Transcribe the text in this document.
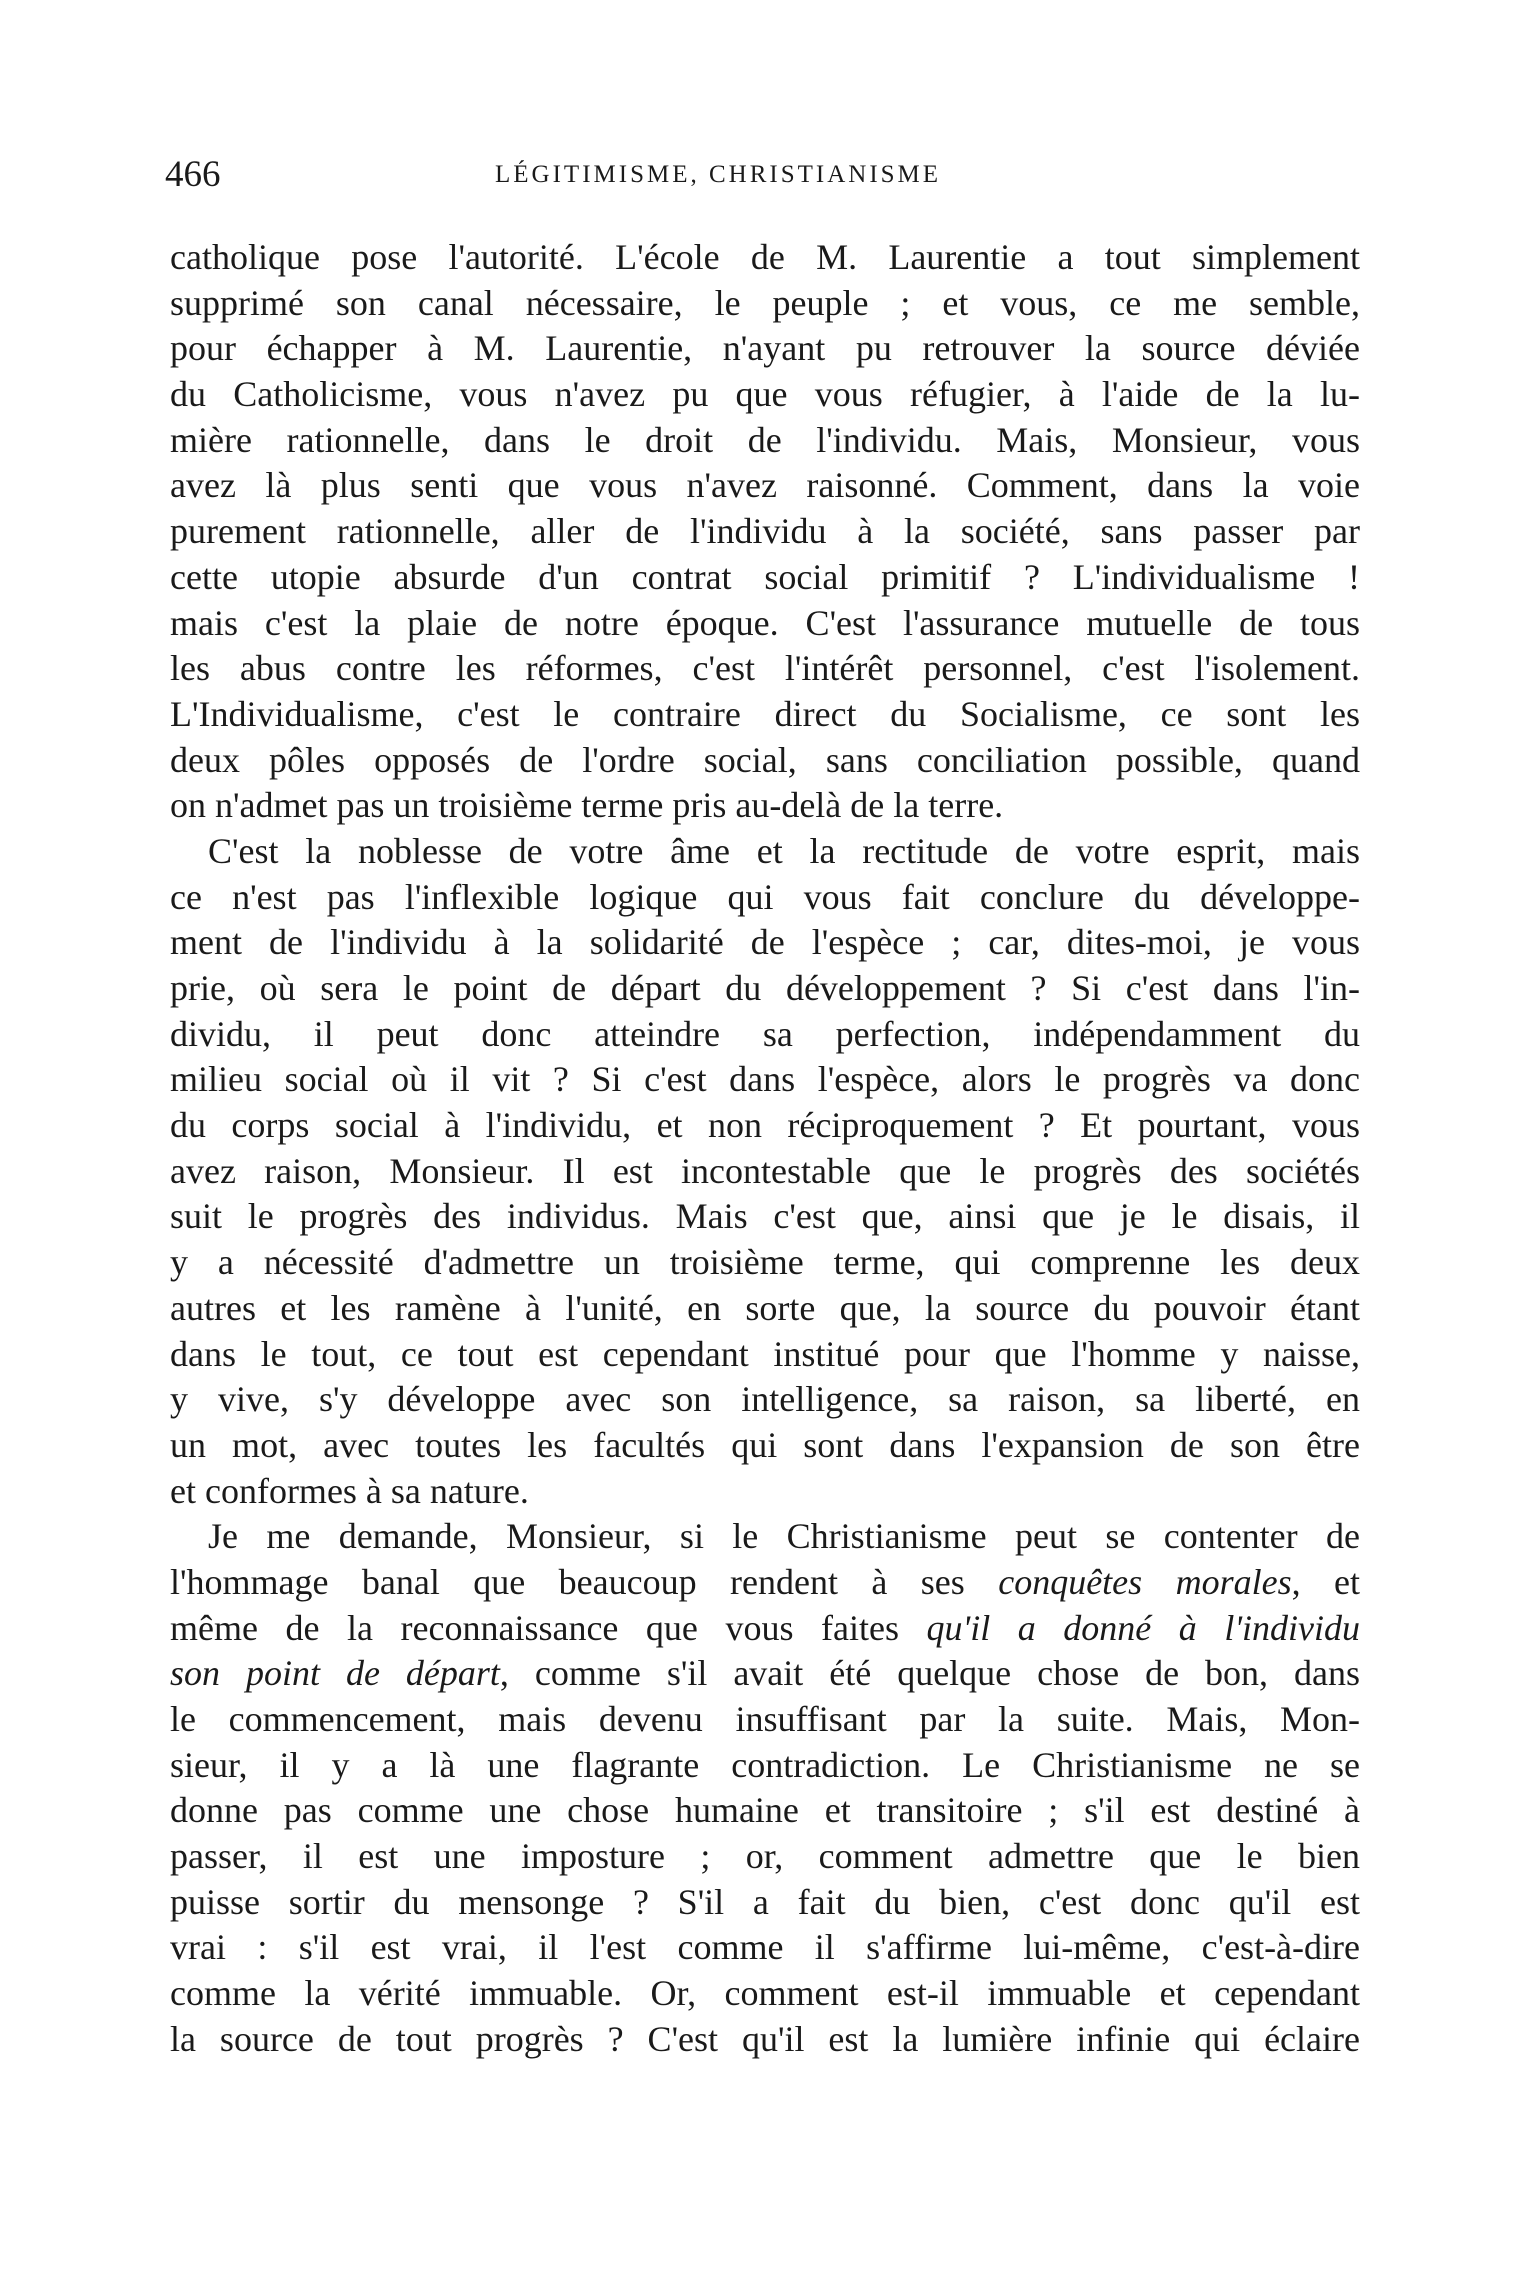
466	LÉGITIMISME, CHRISTIANISME
catholique pose l'autorité. L'école de M. Laurentie a tout simplement
supprimé son canal nécessaire, le peuple ; et vous, ce me semble,
pour échapper à M. Laurentie, n'ayant pu retrouver la source déviée
du Catholicisme, vous n'avez pu que vous réfugier, à l'aide de la lu-
mière rationnelle, dans le droit de l'individu. Mais, Monsieur, vous
avez là plus senti que vous n'avez raisonné. Comment, dans la voie
purement rationnelle, aller de l'individu à la société, sans passer par
cette utopie absurde d'un contrat social primitif ? L'individualisme !
mais c'est la plaie de notre époque. C'est l'assurance mutuelle de tous
les abus contre les réformes, c'est l'intérêt personnel, c'est l'isolement.
L'Individualisme, c'est le contraire direct du Socialisme, ce sont les
deux pôles opposés de l'ordre social, sans conciliation possible, quand
on n'admet pas un troisième terme pris au-delà de la terre.
C'est la noblesse de votre âme et la rectitude de votre esprit, mais
ce n'est pas l'inflexible logique qui vous fait conclure du développe-
ment de l'individu à la solidarité de l'espèce ; car, dites-moi, je vous
prie, où sera le point de départ du développement ? Si c'est dans l'in-
dividu, il peut donc atteindre sa perfection, indépendamment du
milieu social où il vit ? Si c'est dans l'espèce, alors le progrès va donc
du corps social à l'individu, et non réciproquement ? Et pourtant, vous
avez raison, Monsieur. Il est incontestable que le progrès des sociétés
suit le progrès des individus. Mais c'est que, ainsi que je le disais, il
y a nécessité d'admettre un troisième terme, qui comprenne les deux
autres et les ramène à l'unité, en sorte que, la source du pouvoir étant
dans le tout, ce tout est cependant institué pour que l'homme y naisse,
y vive, s'y développe avec son intelligence, sa raison, sa liberté, en
un mot, avec toutes les facultés qui sont dans l'expansion de son être
et conformes à sa nature.
Je me demande, Monsieur, si le Christianisme peut se contenter de
l'hommage banal que beaucoup rendent à ses conquêtes morales, et
même de la reconnaissance que vous faites qu'il a donné à l'individu
son point de départ, comme s'il avait été quelque chose de bon, dans
le commencement, mais devenu insuffisant par la suite. Mais, Mon-
sieur, il y a là une flagrante contradiction. Le Christianisme ne se
donne pas comme une chose humaine et transitoire ; s'il est destiné à
passer, il est une imposture ; or, comment admettre que le bien
puisse sortir du mensonge ? S'il a fait du bien, c'est donc qu'il est
vrai : s'il est vrai, il l'est comme il s'affirme lui-même, c'est-à-dire
comme la vérité immuable. Or, comment est-il immuable et cependant
la source de tout progrès ? C'est qu'il est la lumière infinie qui éclaire
